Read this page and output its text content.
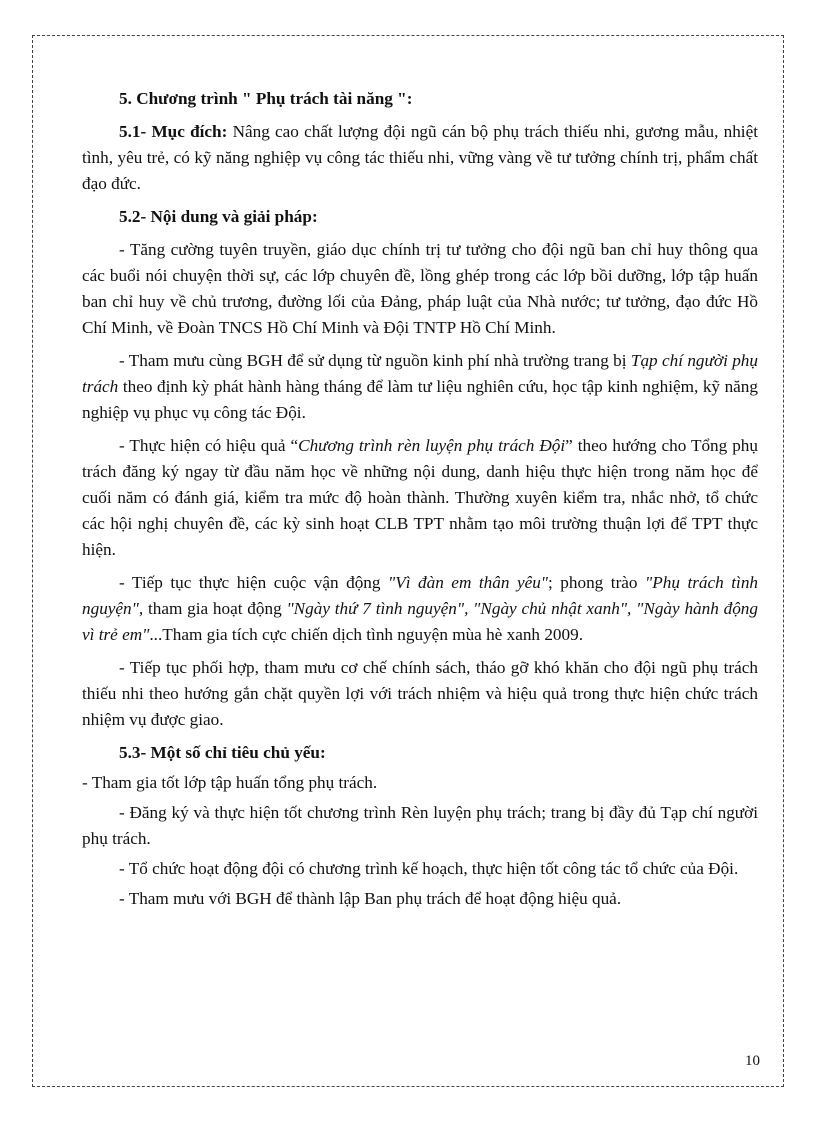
5. Chương trình " Phụ trách tài năng ":

5.1- Mục đích: Nâng cao chất lượng đội ngũ cán bộ phụ trách thiếu nhi, gương mẫu, nhiệt tình, yêu trẻ, có kỹ năng nghiệp vụ công tác thiếu nhi, vững vàng về tư tưởng chính trị, phẩm chất đạo đức.

5.2- Nội dung và giải pháp:

- Tăng cường tuyên truyền, giáo dục chính trị tư tưởng cho đội ngũ ban chỉ huy thông qua các buổi nói chuyện thời sự, các lớp chuyên đề, lồng ghép trong các lớp bồi dưỡng, lớp tập huấn ban chỉ huy về chủ trương, đường lối của Đảng, pháp luật của Nhà nước; tư tưởng, đạo đức Hồ Chí Minh, về Đoàn TNCS Hồ Chí Minh và Đội TNTP Hồ Chí Minh.

- Tham mưu cùng BGH để sử dụng từ nguồn kinh phí nhà trường trang bị Tạp chí người phụ trách theo định kỳ phát hành hàng tháng để làm tư liệu nghiên cứu, học tập kinh nghiệm, kỹ năng nghiệp vụ phục vụ công tác Đội.

- Thực hiện có hiệu quả “Chương trình rèn luyện phụ trách Đội” theo hướng cho Tổng phụ trách đăng ký ngay từ đầu năm học về những nội dung, danh hiệu thực hiện trong năm học để cuối năm có đánh giá, kiểm tra mức độ hoàn thành. Thường xuyên kiểm tra, nhắc nhở, tổ chức các hội nghị chuyên đề, các kỳ sinh hoạt CLB TPT nhằm tạo môi trường thuận lợi để TPT thực hiện.

- Tiếp tục thực hiện cuộc vận động "Vì đàn em thân yêu"; phong trào "Phụ trách tình nguyện", tham gia hoạt động "Ngày thứ 7 tình nguyện", "Ngày chủ nhật xanh", "Ngày hành động vì trẻ em"...Tham gia tích cực chiến dịch tình nguyện mùa hè xanh 2009.

- Tiếp tục phối hợp, tham mưu cơ chế chính sách, tháo gỡ khó khăn cho đội ngũ phụ trách thiếu nhi theo hướng gắn chặt quyền lợi với trách nhiệm và hiệu quả trong thực hiện chức trách nhiệm vụ được giao.

5.3- Một số chỉ tiêu chủ yếu:

- Tham gia tốt lớp tập huấn tổng phụ trách.

- Đăng ký và thực hiện tốt chương trình Rèn luyện phụ trách; trang bị đầy đủ Tạp chí người phụ trách.

- Tổ chức hoạt động đội có chương trình kế hoạch, thực hiện tốt công tác tổ chức của Đội.

- Tham mưu với BGH để thành lập Ban phụ trách để hoạt động hiệu quả.

10
